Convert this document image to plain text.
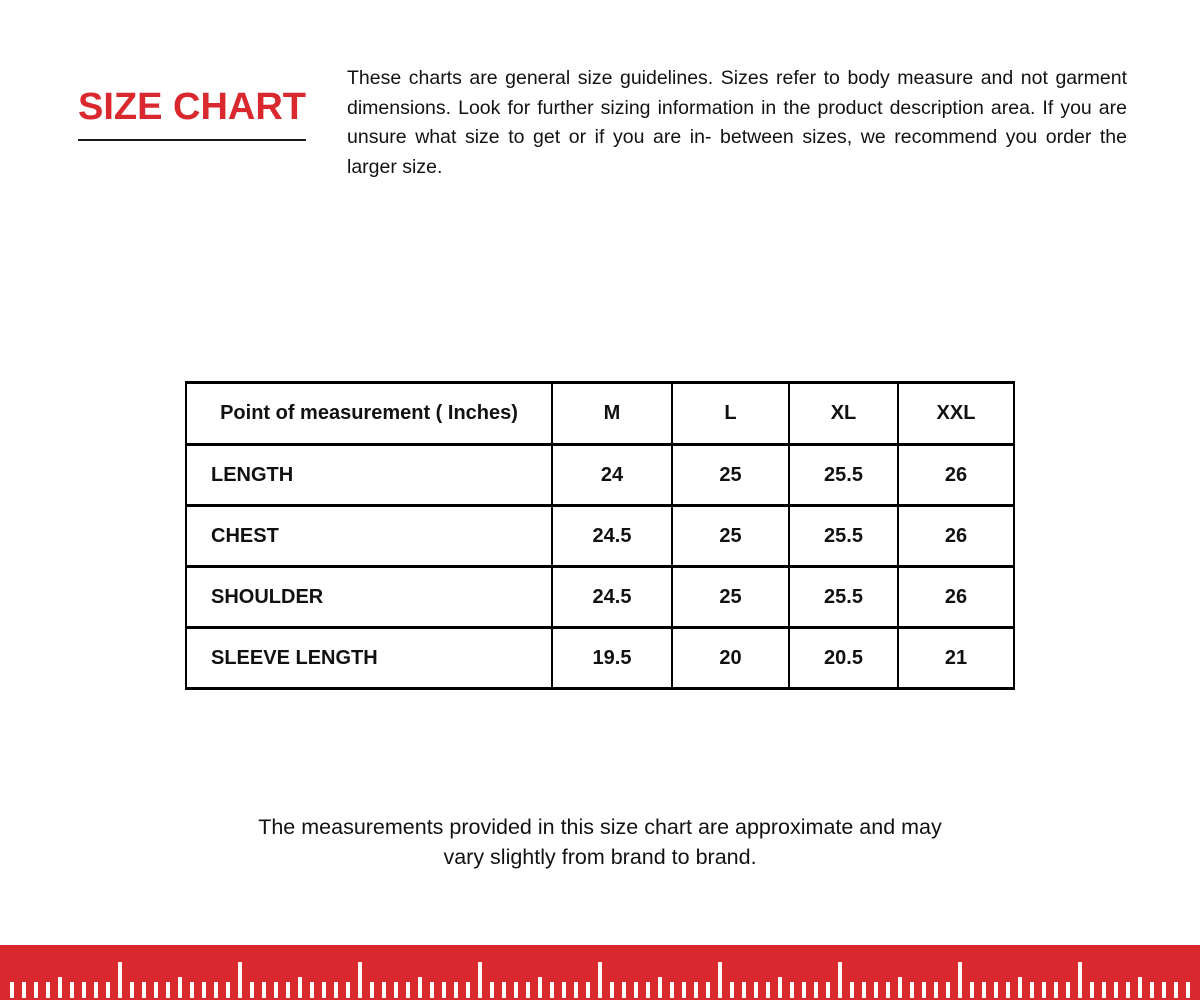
SIZE CHART

These charts are general size guidelines. Sizes refer to body measure and not garment dimensions. Look for further sizing information in the product description area. If you are unsure what size to get or if you are in- between sizes, we recommend you order the larger size.

Point of measurement ( Inches)	M	L	XL	XXL
LENGTH	24	25	25.5	26
CHEST	24.5	25	25.5	26
SHOULDER	24.5	25	25.5	26
SLEEVE LENGTH	19.5	20	20.5	21
The measurements provided in this size chart are approximate and may
vary slightly from brand to brand.
